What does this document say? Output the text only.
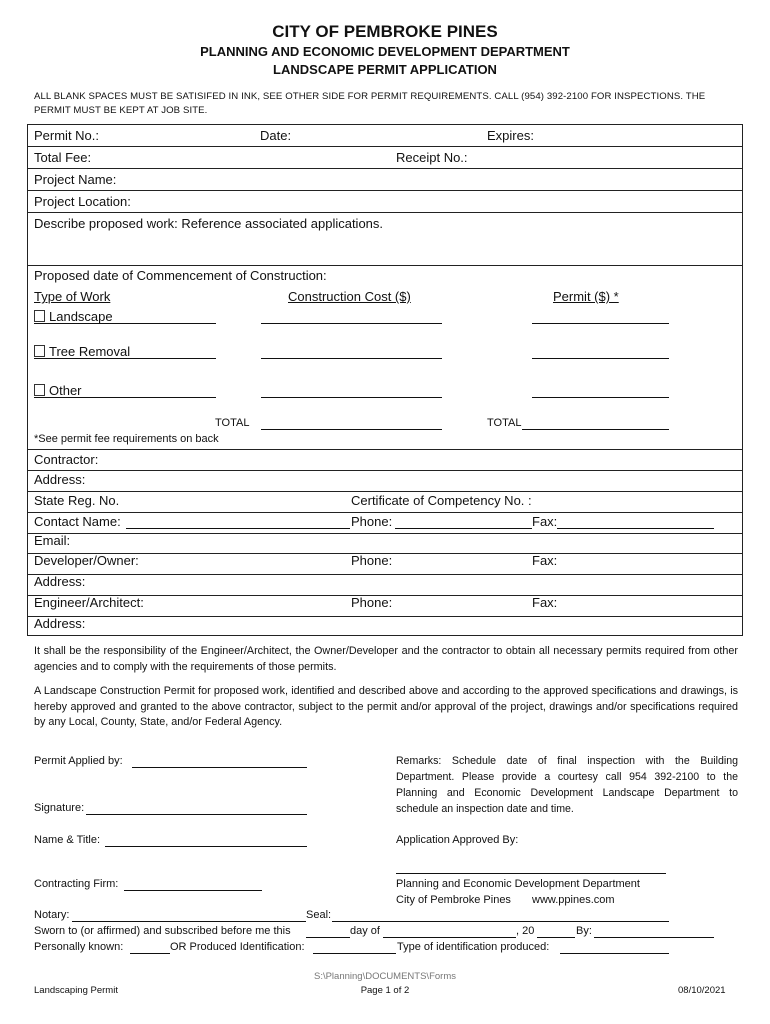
CITY OF PEMBROKE PINES
PLANNING AND ECONOMIC DEVELOPMENT DEPARTMENT
LANDSCAPE PERMIT APPLICATION
ALL BLANK SPACES MUST BE SATISIFED IN INK, SEE OTHER SIDE FOR PERMIT REQUIREMENTS. CALL (954) 392-2100 FOR INSPECTIONS. THE PERMIT MUST BE KEPT AT JOB SITE.
Permit No.:	Date:	Expires:
Total Fee:	Receipt No.:
Project Name:
Project Location:
Describe proposed work: Reference associated applications.
Proposed date of Commencement of Construction:
Type of Work	Construction Cost ($)	Permit ($) *
Landscape
Tree Removal
Other
TOTAL	TOTAL
*See permit fee requirements on back
Contractor:
Address:
State Reg. No.	Certificate of Competency No. :
Contact Name:	Phone:	Fax:
Email:
Developer/Owner:	Phone:	Fax:
Address:
Engineer/Architect:	Phone:	Fax:
Address:
It shall be the responsibility of the Engineer/Architect, the Owner/Developer and the contractor to obtain all necessary permits required from other agencies and to comply with the requirements of those permits.
A Landscape Construction Permit for proposed work, identified and described above and according to the approved specifications and drawings, is hereby approved and granted to the above contractor, subject to the permit and/or approval of the project, drawings and/or specifications required by any Local, County, State, and/or Federal Agency.
Permit Applied by:
Signature:
Name & Title:
Contracting Firm:
Remarks: Schedule date of final inspection with the Building Department. Please provide a courtesy call 954 392-2100 to the Planning and Economic Development Landscape Department to schedule an inspection date and time.
Application Approved By:
Planning and Economic Development Department
City of Pembroke Pines www.ppines.com
Notary:	Seal:
Sworn to (or affirmed) and subscribed before me this	day of	, 20	By:
Personally known:	OR Produced Identification:	Type of identification produced:
S:\Planning\DOCUMENTS\Forms
Landscaping Permit	Page 1 of 2	08/10/2021
